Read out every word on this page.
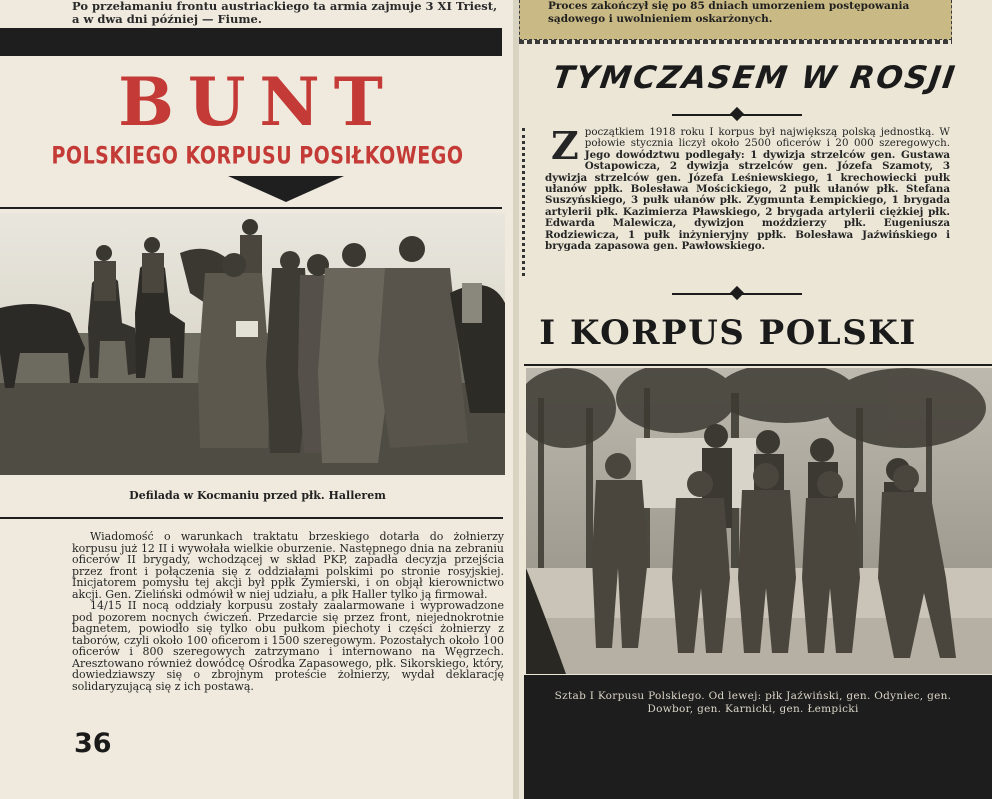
Po przełamaniu frontu austriackiego ta armia zajmuje 3 XI Triest, a w dwa dni później — Fiume.
BUNT
POLSKIEGO KORPUSU POSIŁKOWEGO
Defilada w Kocmaniu przed płk. Hallerem

Wiadomość o warunkach traktatu brzeskiego dotarła do żołnierzy korpusu już 12 II i wywołała wielkie oburzenie. Następnego dnia na zebraniu oficerów II brygady, wchodzącej w skład PKP, zapadła decyzja przejścia przez front i połączenia się z oddziałami polskimi po stronie rosyjskiej. Inicjatorem pomysłu tej akcji był ppłk Żymierski, i on objął kierownictwo akcji. Gen. Zieliński odmówił w niej udziału, a płk Haller tylko ją firmował.

14/15 II nocą oddziały korpusu zostały zaalarmowane i wyprowadzone pod pozorem nocnych ćwiczeń. Przedarcie się przez front, niejednokrotnie bagnetem, powiodło się tylko obu pułkom piechoty i części żołnierzy z taborów, czyli około 100 oficerom i 1500 szeregowym. Pozostałych około 100 oficerów i 800 szeregowych zatrzymano i internowano na Węgrzech. Aresztowano również dowódcę Ośrodka Zapasowego, płk. Sikorskiego, który, dowiedziawszy się o zbrojnym proteście żołnierzy, wydał deklarację solidaryzującą się z ich postawą.

36
Proces zakończył się po 85 dniach umorzeniem postępowania sądowego i uwolnieniem oskarżonych.
TYMCZASEM W ROSJI
Z początkiem 1918 roku I korpus był największą polską jednostką. W połowie stycznia liczył około 2500 oficerów i 20 000 szeregowych. Jego dowództwu podlegały: 1 dywizja strzelców gen. Gustawa Ostapowicza, 2 dywizja strzelców gen. Józefa Szamoty, 3 dywizja strzelców gen. Józefa Leśniewskiego, 1 krechowiecki pułk ułanów ppłk. Bolesława Mościckiego, 2 pułk ułanów płk. Stefana Suszyńskiego, 3 pułk ułanów płk. Zygmunta Łempickiego, 1 brygada artylerii płk. Kazimierza Pławskiego, 2 brygada artylerii ciężkiej płk. Edwarda Malewicza, dywizjon moździerzy płk. Eugeniusza Rodziewicza, 1 pułk inżynieryjny ppłk. Bolesława Jaźwińskiego i brygada zapasowa gen. Pawłowskiego.
I KORPUS POLSKI
Sztab I Korpusu Polskiego. Od lewej: płk Jaźwiński, gen. Odyniec, gen. Dowbor, gen. Karnicki, gen. Łempicki
